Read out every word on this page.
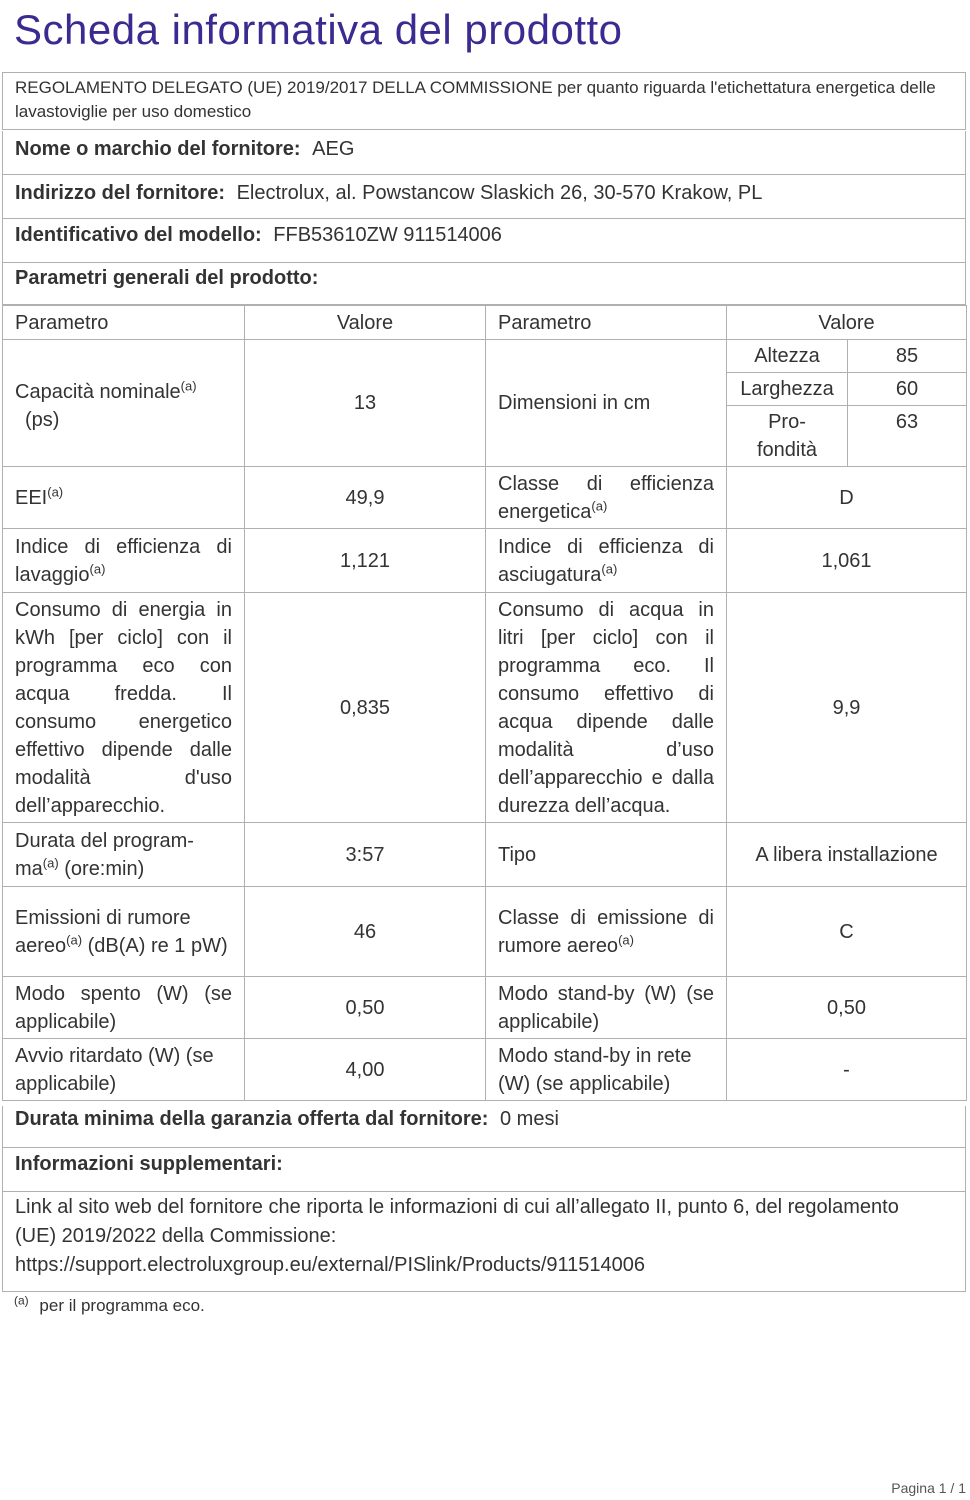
Scheda informativa del prodotto
REGOLAMENTO DELEGATO (UE) 2019/2017 DELLA COMMISSIONE per quanto riguarda l'etichettatura energetica delle lavastoviglie per uso domestico
Nome o marchio del fornitore: AEG
Indirizzo del fornitore: Electrolux, al. Powstancow Slaskich 26, 30-570 Krakow, PL
Identificativo del modello: FFB53610ZW 911514006
Parametri generali del prodotto:
Parametro	Valore	Parametro	Valore	
Capacità nominale$^{(a)}$
(ps)	13	Dimensioni in cm	Altezza	85
			Larghezza	60
			Pro-
fondità	63
EEI$^{(a)}$	49,9	Classe di efficienza energetica$^{(a)}$	D	
Indice di efficienza di lavaggio$^{(a)}$	1,121	Indice di efficienza di asciugatura$^{(a)}$	1,061	
Consumo di energia in kWh [per ciclo] con il programma eco con acqua fredda. Il consumo energetico effettivo dipende dalle modalità d'uso dell’apparecchio.	0,835	Consumo di acqua in litri [per ciclo] con il programma eco. Il consumo effettivo di acqua dipende dalle modalità d’uso dell’apparecchio e dalla durezza dell’acqua.	9,9	
Durata del program-
$ma^{(a)}$ (ore:min)	3:57	Tipo	A libera installazione	
Emissioni di rumore
aereo$^{(a)}$ (dB(A) re 1 pW)	46	Classe di emissione di rumore aereo$^{(a)}$	C	
Modo spento (W) (se applicabile)	0,50	Modo stand-by (W) (se applicabile)	0,50	
Avvio ritardato (W) (se applicabile)	4,00	Modo stand-by in rete (W) (se applicabile)	-	
Durata minima della garanzia offerta dal fornitore: 0 mesi
Informazioni supplementari:
Link al sito web del fornitore che riporta le informazioni di cui all’allegato II, punto 6, del regolamento (UE) 2019/2022 della Commissione: https://support.electroluxgroup.eu/external/PISlink/Products/911514006
$^{(a)}$ per il programma eco.
Pagina 1 / 1
